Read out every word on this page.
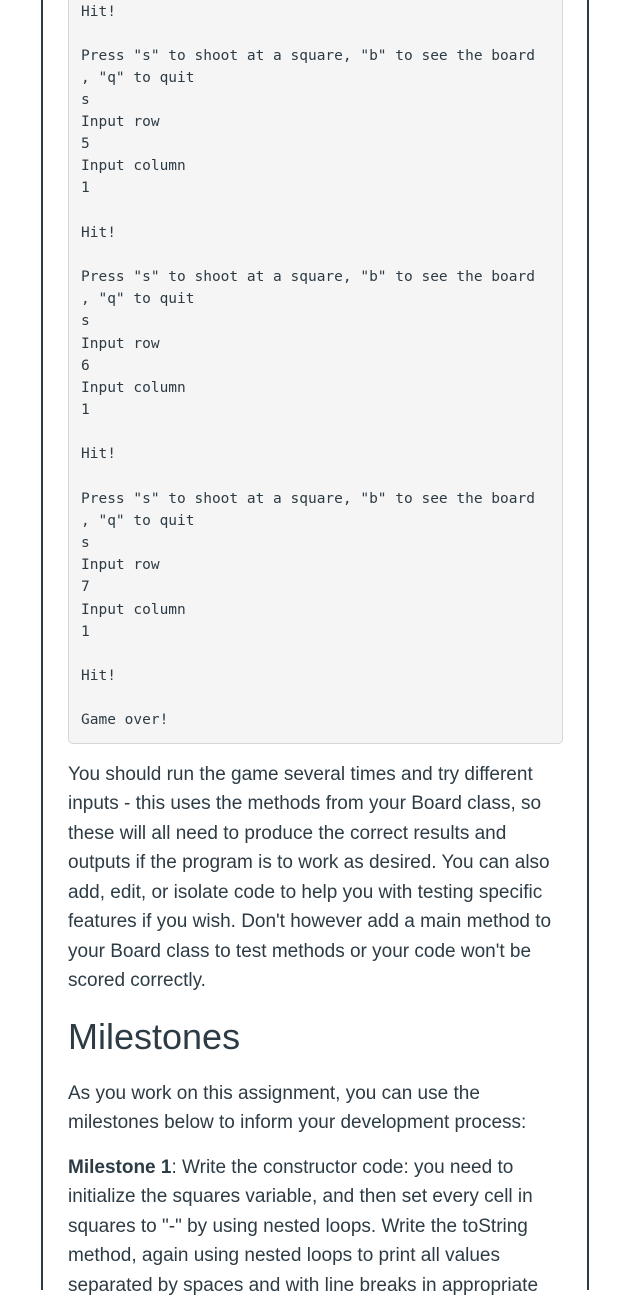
Hit!

Press "s" to shoot at a square, "b" to see the board

, "q" to quit

s

Input row

5

Input column

1

Hit!

Press "s" to shoot at a square, "b" to see the board

, "q" to quit

s

Input row

6

Input column

1

Hit!

Press "s" to shoot at a square, "b" to see the board

, "q" to quit

s

Input row

7

Input column

1

Hit!

Game over!

You should run the game several times and try different

inputs - this uses the methods from your Board class, so

these will all need to produce the correct results and

outputs if the program is to work as desired. You can also

add, edit, or isolate code to help you with testing specific

features if you wish. Don't however add a main method to

your Board class to test methods or your code won't be

scored correctly.

Milestones

As you work on this assignment, you can use the

milestones below to inform your development process:

Milestone 1: Write the constructor code: you need to

initialize the squares variable, and then set every cell in

squares to "-" by using nested loops. Write the toString

method, again using nested loops to print all values

separated by spaces and with line breaks in appropriate
